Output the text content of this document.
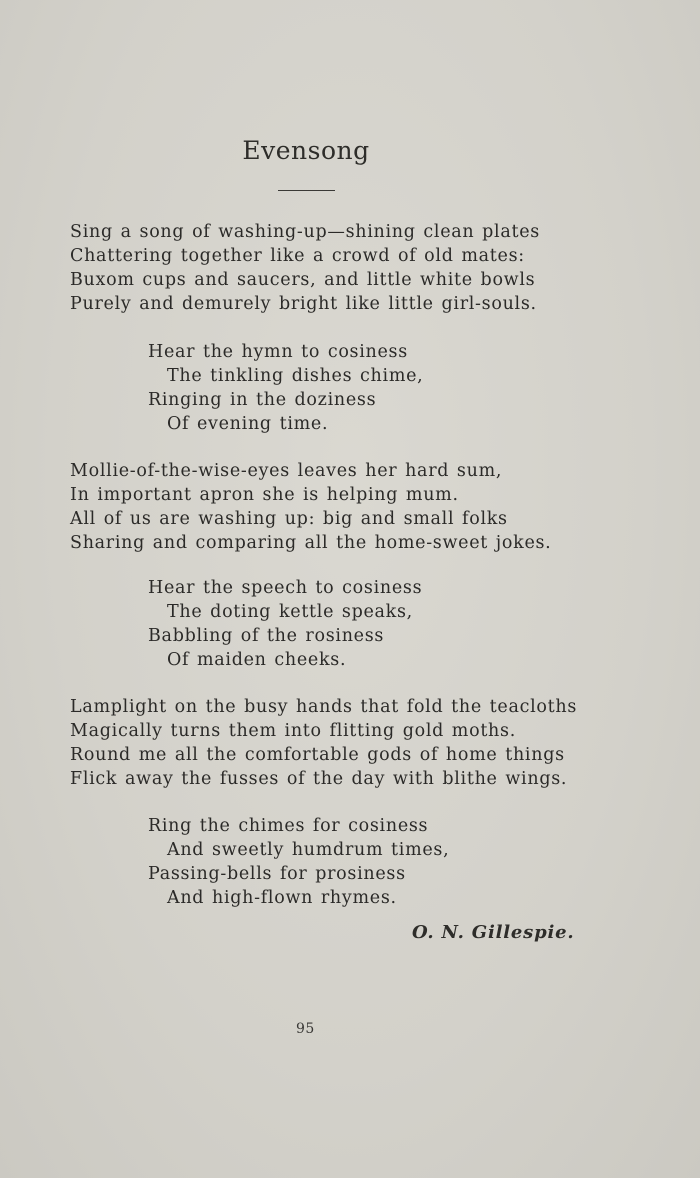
Evensong
Sing a song of washing-up—shining clean plates
Chattering together like a crowd of old mates:
Buxom cups and saucers, and little white bowls
Purely and demurely bright like little girl-souls.
Hear the hymn to cosiness
The tinkling dishes chime,
Ringing in the doziness
Of evening time.
Mollie-of-the-wise-eyes leaves her hard sum,
In important apron she is helping mum.
All of us are washing up: big and small folks
Sharing and comparing all the home-sweet jokes.
Hear the speech to cosiness
The doting kettle speaks,
Babbling of the rosiness
Of maiden cheeks.
Lamplight on the busy hands that fold the teacloths
Magically turns them into flitting gold moths.
Round me all the comfortable gods of home things
Flick away the fusses of the day with blithe wings.
Ring the chimes for cosiness
And sweetly humdrum times,
Passing-bells for prosiness
And high-flown rhymes.
O. N. Gillespie.
95
